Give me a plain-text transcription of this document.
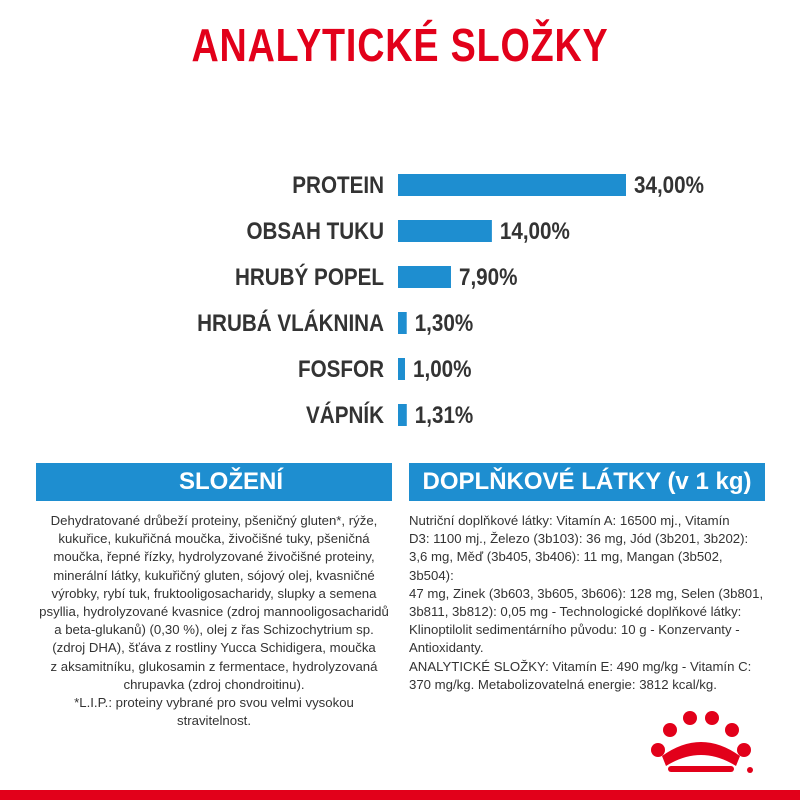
ANALYTICKÉ SLOŽKY
PROTEIN	34,00%
OBSAH TUKU	14,00%
HRUBÝ POPEL	7,90%
HRUBÁ VLÁKNINA 1,30%
FOSFOR 1,00%
VÁPNÍK 1,31%
SLOŽENÍ

Dehydratované drůbeží proteiny, pšeničný gluten*, rýže,

kukuřice, kukuřičná moučka, živočišné tuky, pšeničná

moučka, řepné řízky, hydrolyzované živočišné proteiny,

minerální látky, kukuřičný gluten, sójový olej, kvasničné

výrobky, rybí tuk, fruktooligosacharidy, slupky a semena

psyllia, hydrolyzované kvasnice (zdroj mannooligosacharidů

a beta-glukanů) (0,30 %), olej z řas Schizochytrium sp.

(zdroj DHA), šťáva z rostliny Yucca Schidigera, moučka

z aksamitníku, glukosamin z fermentace, hydrolyzovaná

chrupavka (zdroj chondroitinu).

*L.I.P.: proteiny vybrané pro svou velmi vysokou

stravitelnost.

DOPLŇKOVÉ LÁTKY (v 1 kg)

Nutriční doplňkové látky: Vitamín A: 16500 mj., Vitamín

D3: 1100 mj., Železo (3b103): 36 mg, Jód (3b201, 3b202):

3,6 mg, Měď (3b405, 3b406): 11 mg, Mangan (3b502, 3b504):

47 mg, Zinek (3b603, 3b605, 3b606): 128 mg, Selen (3b801,

3b811, 3b812): 0,05 mg - Technologické doplňkové látky:

Klinoptilolit sedimentárního původu: 10 g - Konzervanty -

Antioxidanty.

ANALYTICKÉ SLOŽKY: Vitamín E: 490 mg/kg - Vitamín C:

370 mg/kg. Metabolizovatelná energie: 3812 kcal/kg.
